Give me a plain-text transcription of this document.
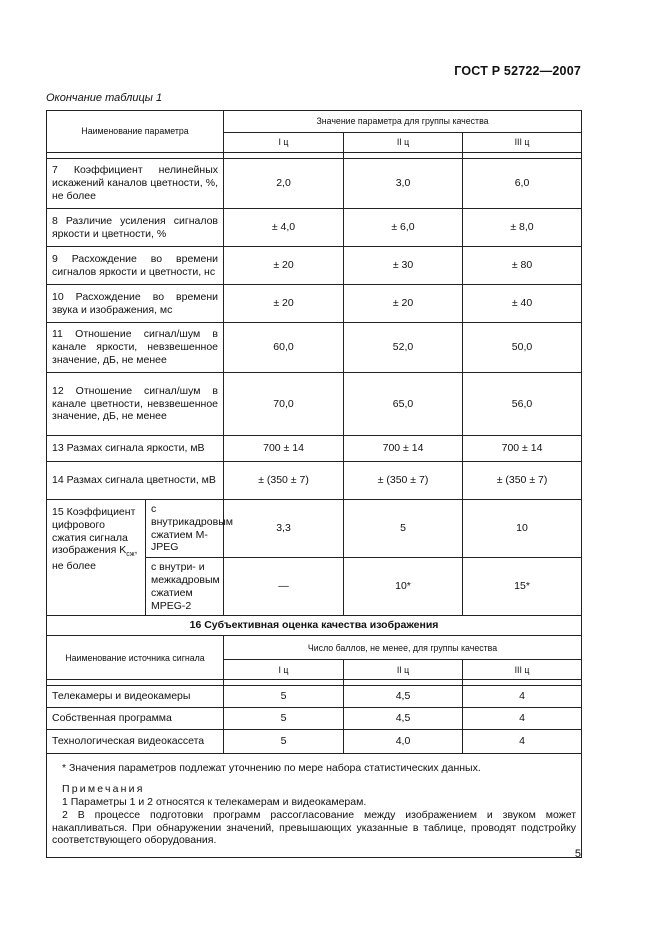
ГОСТ Р 52722—2007
Окончание таблицы 1
Наименование параметра		Значение параметра для группы качества		
		I ц	II ц	III ц

7 Коэффициент нелинейных искажений каналов цветности, %, не более		2,0	3,0	6,0
8 Различие усиления сигналов яркости и цветности, %		± 4,0	± 6,0	± 8,0
9 Расхождение во времени сигналов яркости и цветности, нс		± 20	± 30	± 80
10 Расхождение во времени звука и изображения, мс		± 20	± 20	± 40
11 Отношение сигнал/шум в канале яркости, невзвешенное значение, дБ, не менее		60,0	52,0	50,0
12 Отношение сигнал/шум в канале цветности, невзвешенное значение, дБ, не менее		70,0	65,0	56,0
13 Размах сигнала яркости, мВ		700 ± 14	700 ± 14	700 ± 14
14 Размах сигнала цветности, мВ		± (350 ± 7)	± (350 ± 7)	± (350 ± 7)
15 Коэффициент цифрового сжатия сигнала изображения $K_{сж}$, не более	с внутрикадровым сжатием M-JPEG	3,3	5	10
	с внутри- и межкадровым сжатием MPEG-2	—	10*	15*
16 Субъективная оценка качества изображения				
Наименование источника сигнала		Число баллов, не менее, для группы качества		
		I ц	II ц	III ц

Телекамеры и видеокамеры		5	4,5	4
Собственная программа		5	4,5	4
Технологическая видеокассета		5	4,0	4

* Значения параметров подлежат уточнению по мере набора статистических данных.

Примечания

1 Параметры 1 и 2 относятся к телекамерам и видеокамерам.

2 В процессе подготовки программ рассогласование между изображением и звуком может накапливаться. При обнаружении значений, превышающих указанные в таблице, проводят подстройку соответствующего оборудования.				

5
